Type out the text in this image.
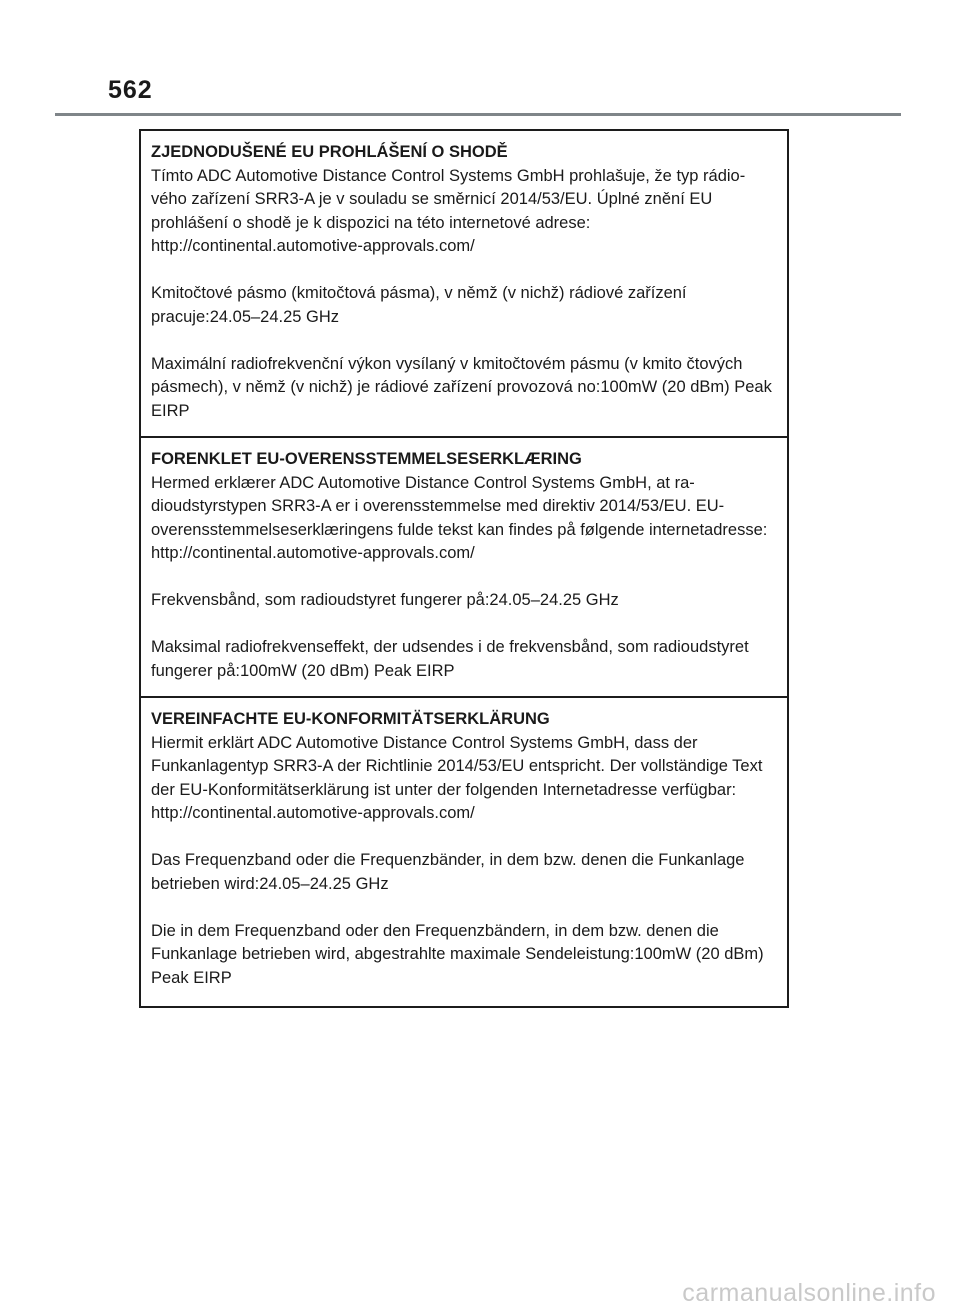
562

ZJEDNODUŠENÉ EU PROHLÁŠENÍ O SHODĚ

Tímto ADC Automotive Distance Control Systems GmbH prohlašuje, že typ rádio-vého zařízení SRR3-A je v souladu se směrnicí 2014/53/EU. Úplné znění EU prohlášení o shodě je k dispozici na této internetové adrese:
http://continental.automotive-approvals.com/

Kmitočtové pásmo (kmitočtová pásma), v němž (v nichž) rádiové zařízení pracuje:24.05–24.25 GHz

Maximální radiofrekvenční výkon vysílaný v kmitočtovém pásmu (v kmito čtových pásmech), v němž (v nichž) je rádiové zařízení provozová no:100mW (20 dBm) Peak EIRP

FORENKLET EU-OVERENSSTEMMELSESERKLÆRING

Hermed erklærer ADC Automotive Distance Control Systems GmbH, at ra-dioudstyrstypen SRR3-A er i overensstemmelse med direktiv 2014/53/EU. EU-overensstemmelseserklæringens fulde tekst kan findes på følgende internetadresse:
http://continental.automotive-approvals.com/

Frekvensbånd, som radioudstyret fungerer på:24.05–24.25 GHz

Maksimal radiofrekvenseffekt, der udsendes i de frekvensbånd, som radioudstyret fungerer på:100mW (20 dBm) Peak EIRP

VEREINFACHTE EU-KONFORMITÄTSERKLÄRUNG

Hiermit erklärt ADC Automotive Distance Control Systems GmbH, dass der Funkanlagentyp SRR3-A der Richtlinie 2014/53/EU entspricht. Der vollständige Text der EU-Konformitätserklärung ist unter der folgenden Internetadresse verfügbar:
http://continental.automotive-approvals.com/

Das Frequenzband oder die Frequenzbänder, in dem bzw. denen die Funkanlage betrieben wird:24.05–24.25 GHz

Die in dem Frequenzband oder den Frequenzbändern, in dem bzw. denen die Funkanlage betrieben wird, abgestrahlte maximale Sendeleistung:100mW (20 dBm) Peak EIRP

carmanualsonline.info
